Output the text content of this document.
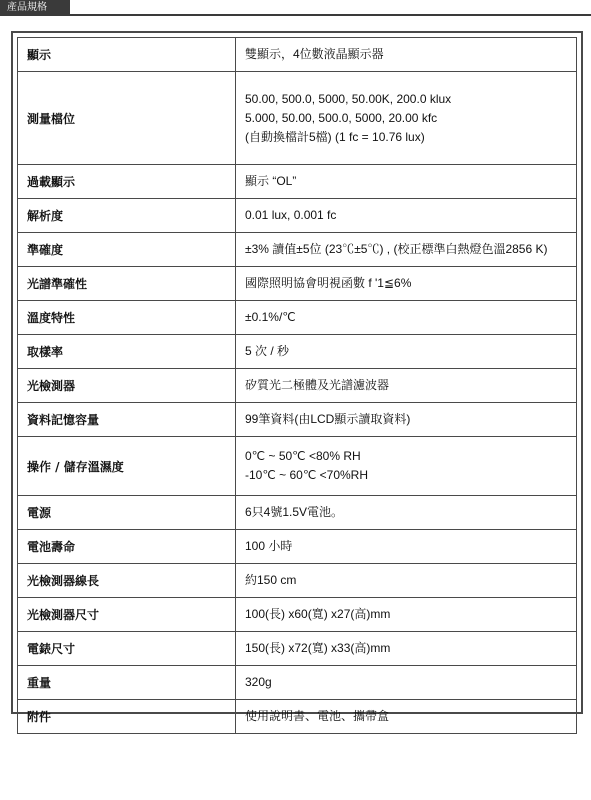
產品規格
顯示	雙顯示，4位數液晶顯示器

測量檔位	50.00, 500.0, 5000, 50.00K, 200.0 klux
5.000, 50.00, 500.0, 5000, 20.00 kfc
(自動換檔計5檔) (1 fc = 10.76 lux)

過載顯示	顯示 “OL”

解析度	0.01 lux, 0.001 fc

準確度	±3% 讀值±5位 (23℃±5℃) , (校正標準白熱燈色溫2856 K)

光譜準確性	國際照明協會明視函數 f '1≦6%

溫度特性	±0.1%/℃

取樣率	5 次 / 秒

光檢測器	矽質光二極體及光譜濾波器

資料記憶容量	99筆資料(由LCD顯示讀取資料)

操作 / 儲存溫濕度	0℃ ~ 50℃ <80% RH
-10℃ ~ 60℃ <70%RH

電源	6只4號1.5V電池。

電池壽命	100 小時

光檢測器線長	約150 cm

光檢測器尺寸	100(長) x60(寬) x27(高)mm

電錶尺寸	150(長) x72(寬) x33(高)mm

重量	320g

附件	使用說明書、電池、攜帶盒
